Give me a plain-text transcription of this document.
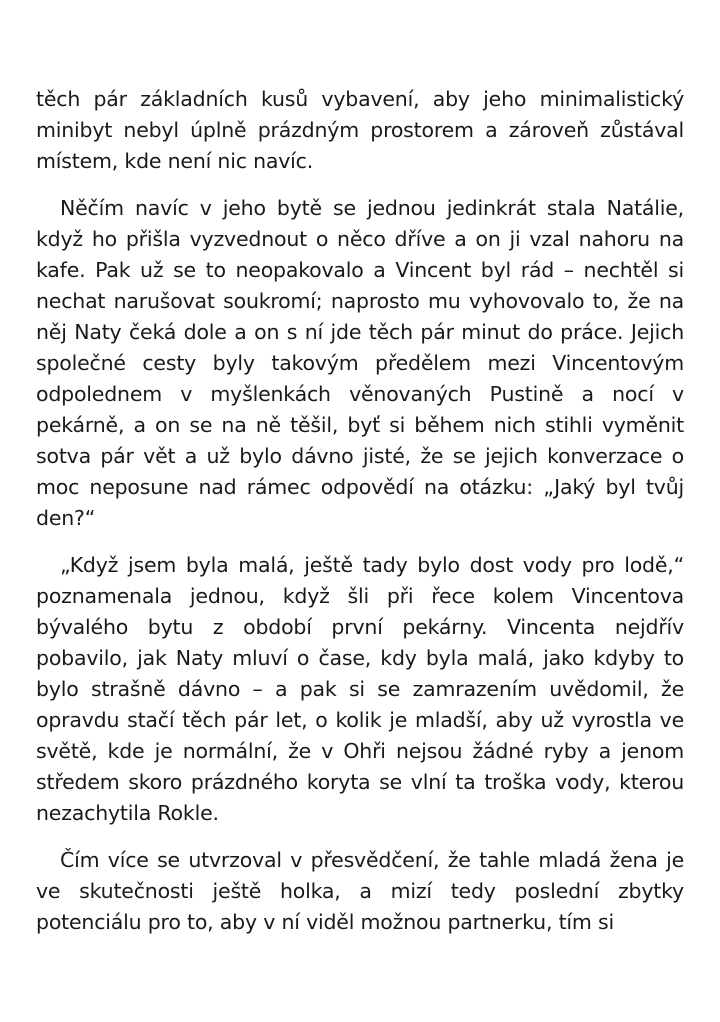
těch pár základních kusů vybavení, aby jeho minimalistický minibyt nebyl úplně prázdným prostorem a zároveň zůstával místem, kde není nic navíc.

Něčím navíc v jeho bytě se jednou jedinkrát stala Natálie, když ho přišla vyzvednout o něco dříve a on ji vzal nahoru na kafe. Pak už se to neopakovalo a Vincent byl rád – nechtěl si nechat narušovat soukromí; naprosto mu vyhovovalo to, že na něj Naty čeká dole a on s ní jde těch pár minut do práce. Jejich společné cesty byly takovým předělem mezi Vincentovým odpolednem v myšlenkách věnovaných Pustině a nocí v pekárně, a on se na ně těšil, byť si během nich stihli vyměnit sotva pár vět a už bylo dávno jisté, že se jejich konverzace o moc neposune nad rámec odpovědí na otázku: „Jaký byl tvůj den?“

„Když jsem byla malá, ještě tady bylo dost vody pro lodě,“ poznamenala jednou, když šli při řece kolem Vincentova bývalého bytu z období první pekárny. Vincenta nejdřív pobavilo, jak Naty mluví o čase, kdy byla malá, jako kdyby to bylo strašně dávno – a pak si se zamrazením uvědomil, že opravdu stačí těch pár let, o kolik je mladší, aby už vyrostla ve světě, kde je normální, že v Ohři nejsou žádné ryby a jenom středem skoro prázdného koryta se vlní ta troška vody, kterou nezachytila Rokle.

Čím více se utvrzoval v přesvědčení, že tahle mladá žena je ve skutečnosti ještě holka, a mizí tedy poslední zbytky potenciálu pro to, aby v ní viděl možnou partnerku, tím si
